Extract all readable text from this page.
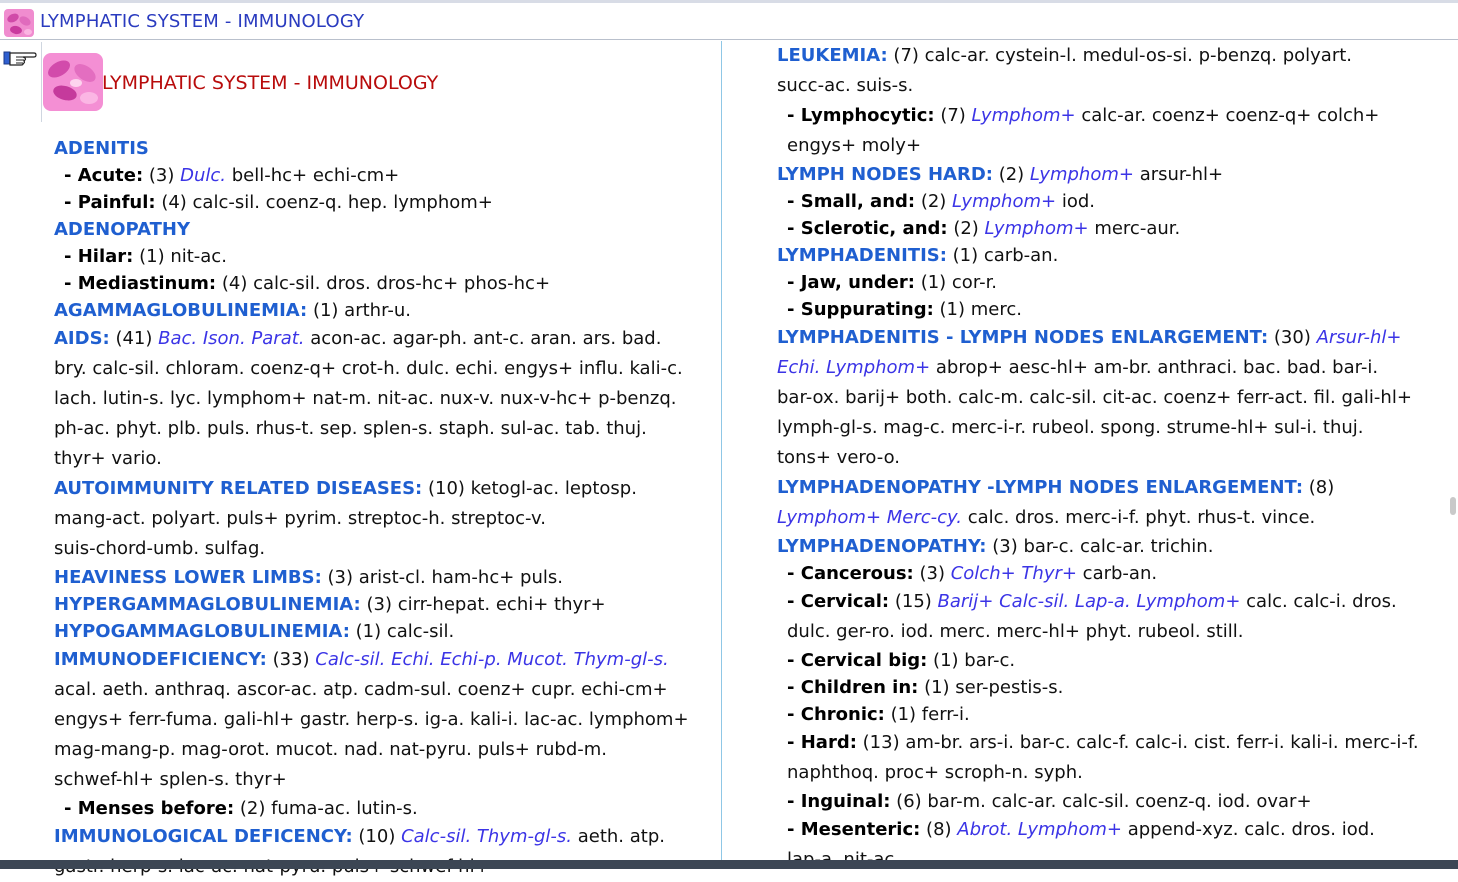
LYMPHATIC SYSTEM - IMMUNOLOGY
LYMPHATIC SYSTEM - IMMUNOLOGY

ADENITIS

- Acute: (3) Dulc. bell-hc+ echi-cm+

- Painful: (4) calc-sil. coenz-q. hep. lymphom+

ADENOPATHY

- Hilar: (1) nit-ac.

- Mediastinum: (4) calc-sil. dros. dros-hc+ phos-hc+

AGAMMAGLOBULINEMIA: (1) arthr-u.

AIDS: (41) Bac. Ison. Parat. acon-ac. agar-ph. ant-c. aran. ars. bad.

bry. calc-sil. chloram. coenz-q+ crot-h. dulc. echi. engys+ influ. kali-c.

lach. lutin-s. lyc. lymphom+ nat-m. nit-ac. nux-v. nux-v-hc+ p-benzq.

ph-ac. phyt. plb. puls. rhus-t. sep. splen-s. staph. sul-ac. tab. thuj.

thyr+ vario.

AUTOIMMUNITY RELATED DISEASES: (10) ketogl-ac. leptosp.

mang-act. polyart. puls+ pyrim. streptoc-h. streptoc-v.

suis-chord-umb. sulfag.

HEAVINESS LOWER LIMBS: (3) arist-cl. ham-hc+ puls.

HYPERGAMMAGLOBULINEMIA: (3) cirr-hepat. echi+ thyr+

HYPOGAMMAGLOBULINEMIA: (1) calc-sil.

IMMUNODEFICIENCY: (33) Calc-sil. Echi. Echi-p. Mucot. Thym-gl-s.

acal. aeth. anthraq. ascor-ac. atp. cadm-sul. coenz+ cupr. echi-cm+

engys+ ferr-fuma. gali-hl+ gastr. herp-s. ig-a. kali-i. lac-ac. lymphom+

mag-mang-p. mag-orot. mucot. nad. nat-pyru. puls+ rubd-m.

schwef-hl+ splen-s. thyr+

- Menses before: (2) fuma-ac. lutin-s.

IMMUNOLOGICAL DEFICENCY: (10) Calc-sil. Thym-gl-s. aeth. atp.

LEUKEMIA: (7) calc-ar. cystein-l. medul-os-si. p-benzq. polyart.

succ-ac. suis-s.

- Lymphocytic: (7) Lymphom+ calc-ar. coenz+ coenz-q+ colch+

engys+ moly+

LYMPH NODES HARD: (2) Lymphom+ arsur-hl+

- Small, and: (2) Lymphom+ iod.

- Sclerotic, and: (2) Lymphom+ merc-aur.

LYMPHADENITIS: (1) carb-an.

- Jaw, under: (1) cor-r.

- Suppurating: (1) merc.

LYMPHADENITIS - LYMPH NODES ENLARGEMENT: (30) Arsur-hl+

Echi. Lymphom+ abrop+ aesc-hl+ am-br. anthraci. bac. bad. bar-i.

bar-ox. barij+ both. calc-m. calc-sil. cit-ac. coenz+ ferr-act. fil. gali-hl+

lymph-gl-s. mag-c. merc-i-r. rubeol. spong. strume-hl+ sul-i. thuj.

tons+ vero-o.

LYMPHADENOPATHY -LYMPH NODES ENLARGEMENT: (8)

Lymphom+ Merc-cy. calc. dros. merc-i-f. phyt. rhus-t. vince.

LYMPHADENOPATHY: (3) bar-c. calc-ar. trichin.

- Cancerous: (3) Colch+ Thyr+ carb-an.

- Cervical: (15) Barij+ Calc-sil. Lap-a. Lymphom+ calc. calc-i. dros.

dulc. ger-ro. iod. merc. merc-hl+ phyt. rubeol. still.

- Cervical big: (1) bar-c.

- Children in: (1) ser-pestis-s.

- Chronic: (1) ferr-i.

- Hard: (13) am-br. ars-i. bar-c. calc-f. calc-i. cist. ferr-i. kali-i. merc-i-f.

naphthoq. proc+ scroph-n. syph.

- Inguinal: (6) bar-m. calc-ar. calc-sil. coenz-q. iod. ovar+

- Mesenteric: (8) Abrot. Lymphom+ append-xyz. calc. dros. iod.
